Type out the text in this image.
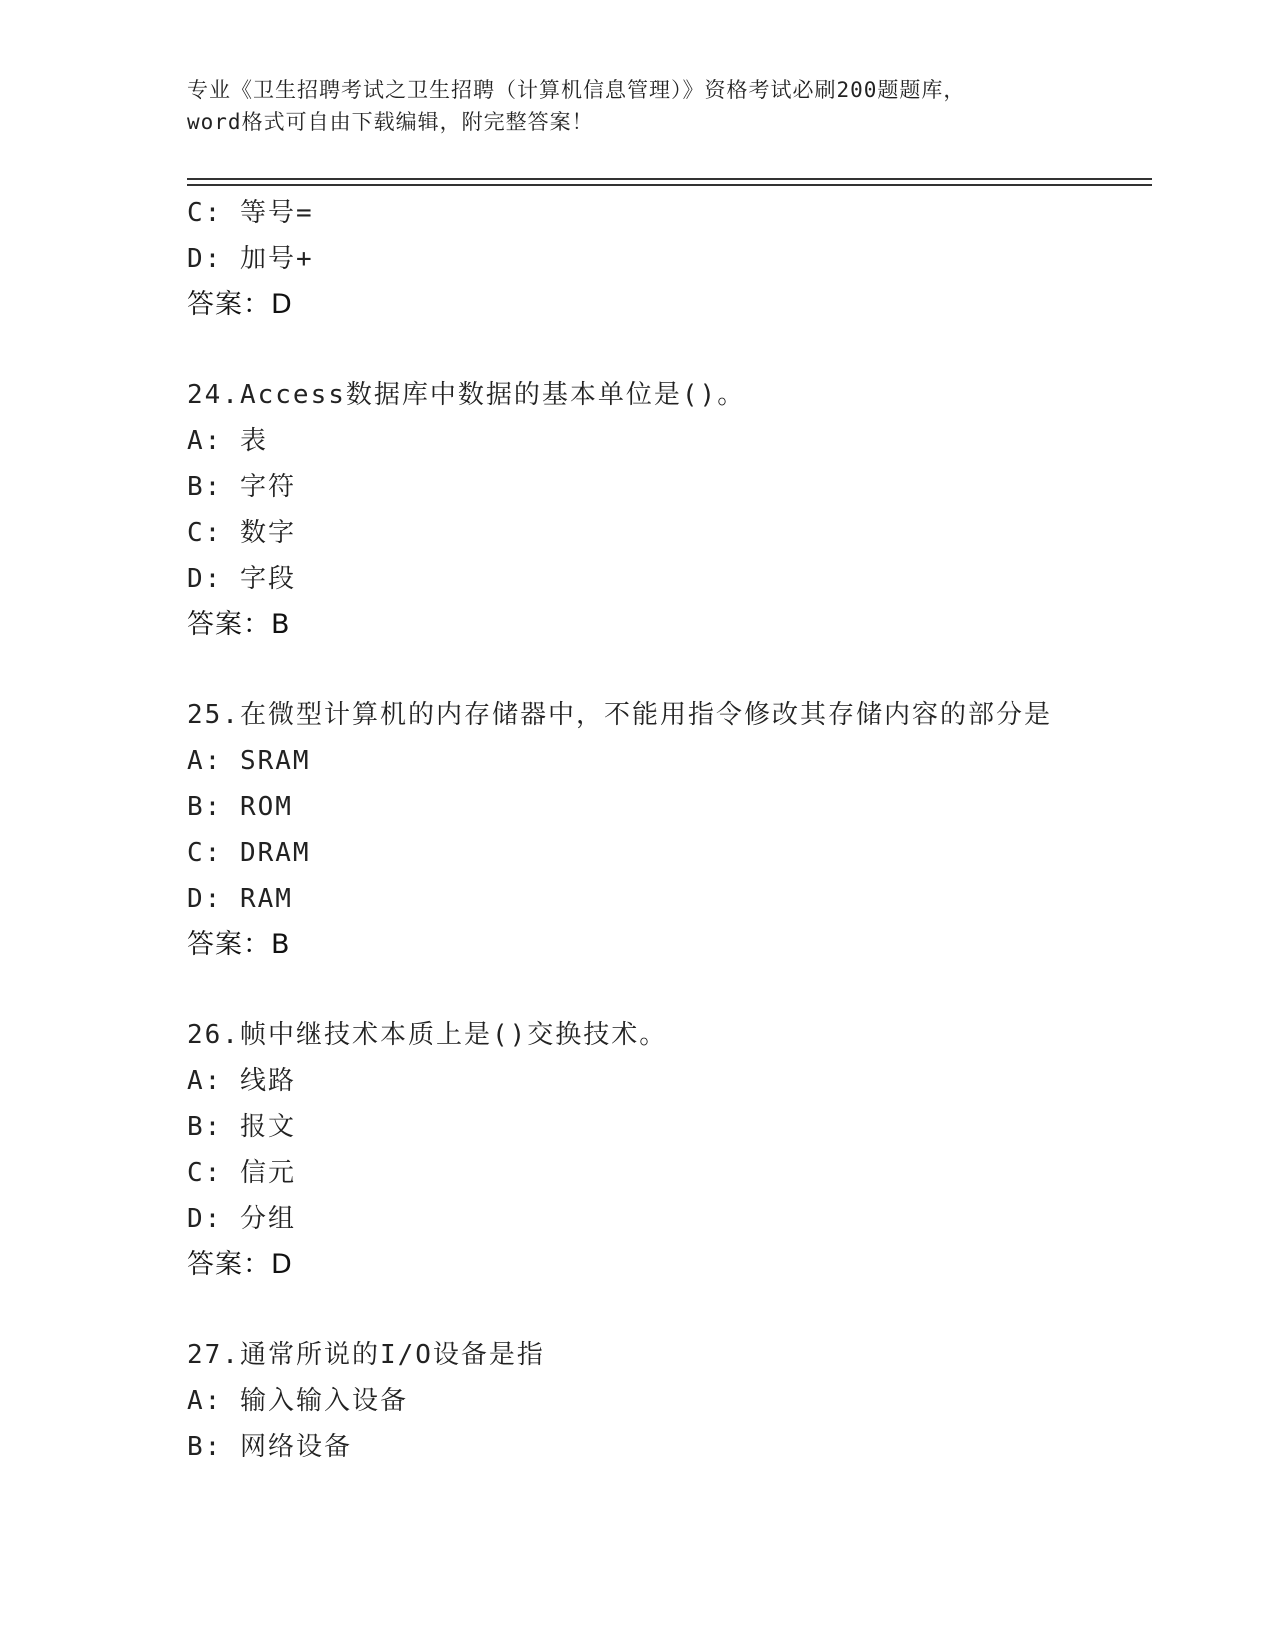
专业《卫生招聘考试之卫生招聘（计算机信息管理）》资格考试必刷200题题库，
word格式可自由下载编辑，附完整答案！
C: 等号=
D: 加号+
答案：D
24.Access数据库中数据的基本单位是()。
A: 表
B: 字符
C: 数字
D: 字段
答案：B
25.在微型计算机的内存储器中，不能用指令修改其存储内容的部分是
A: SRAM
B: ROM
C: DRAM
D: RAM
答案：B
26.帧中继技术本质上是()交换技术。
A: 线路
B: 报文
C: 信元
D: 分组
答案：D
27.通常所说的I/O设备是指
A: 输入输入设备
B: 网络设备
